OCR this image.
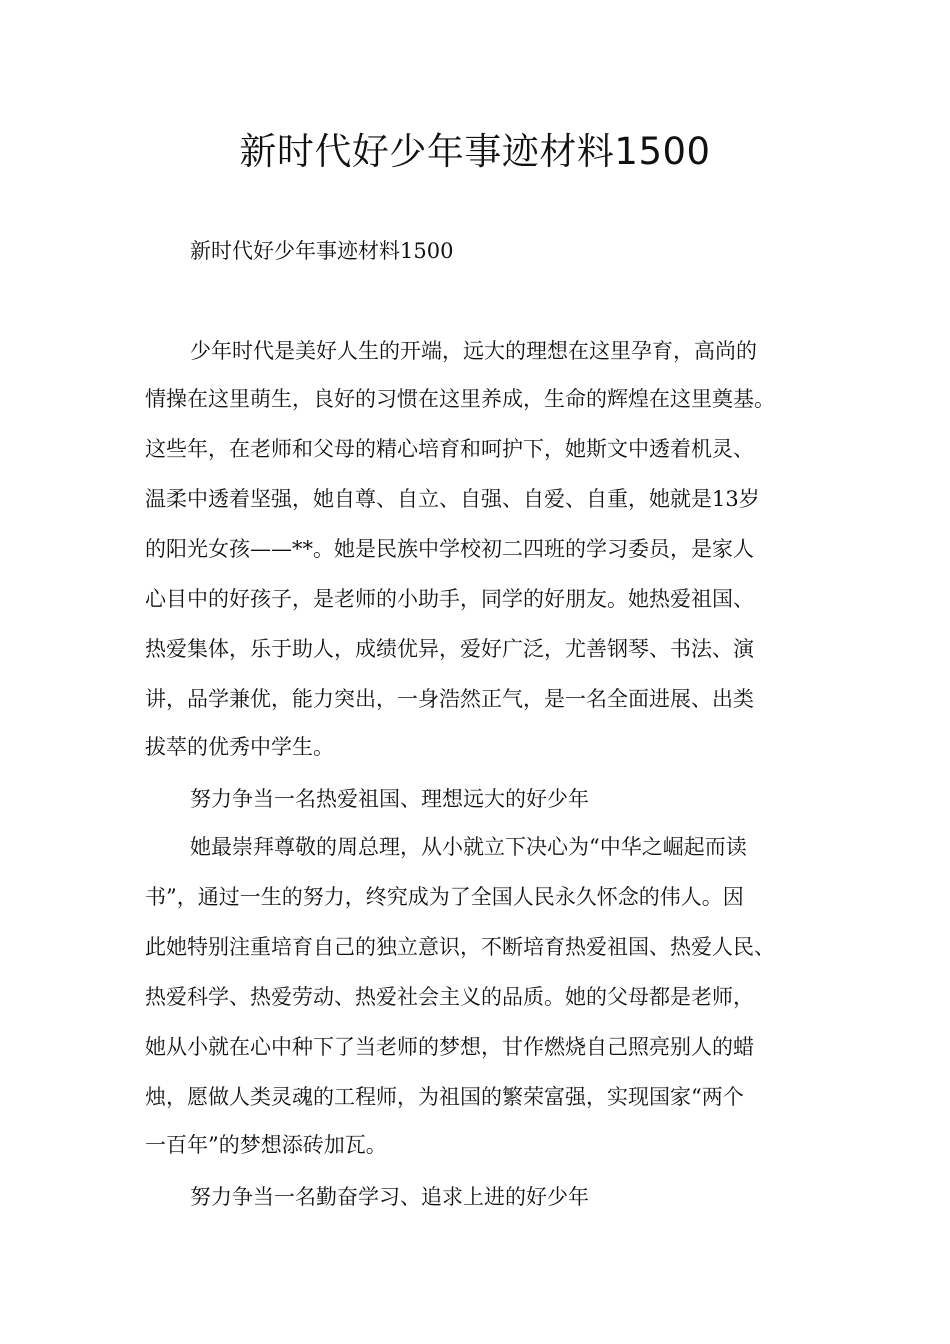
新时代好少年事迹材料1500
新时代好少年事迹材料1500
少年时代是美好人生的开端，远大的理想在这里孕育，高尚的
情操在这里萌生，良好的习惯在这里养成，生命的辉煌在这里奠基。
这些年，在老师和父母的精心培育和呵护下，她斯文中透着机灵、
温柔中透着坚强，她自尊、自立、自强、自爱、自重，她就是13岁
的阳光女孩——**。她是民族中学校初二四班的学习委员，是家人
心目中的好孩子，是老师的小助手，同学的好朋友。她热爱祖国、
热爱集体，乐于助人，成绩优异，爱好广泛，尤善钢琴、书法、演
讲，品学兼优，能力突出，一身浩然正气，是一名全面进展、出类
拔萃的优秀中学生。
努力争当一名热爱祖国、理想远大的好少年
她最崇拜尊敬的周总理，从小就立下决心为“中华之崛起而读
书”，通过一生的努力，终究成为了全国人民永久怀念的伟人。因
此她特别注重培育自己的独立意识，不断培育热爱祖国、热爱人民、
热爱科学、热爱劳动、热爱社会主义的品质。她的父母都是老师，
她从小就在心中种下了当老师的梦想，甘作燃烧自己照亮别人的蜡
烛，愿做人类灵魂的工程师，为祖国的繁荣富强，实现国家“两个
一百年”的梦想添砖加瓦。
努力争当一名勤奋学习、追求上进的好少年
